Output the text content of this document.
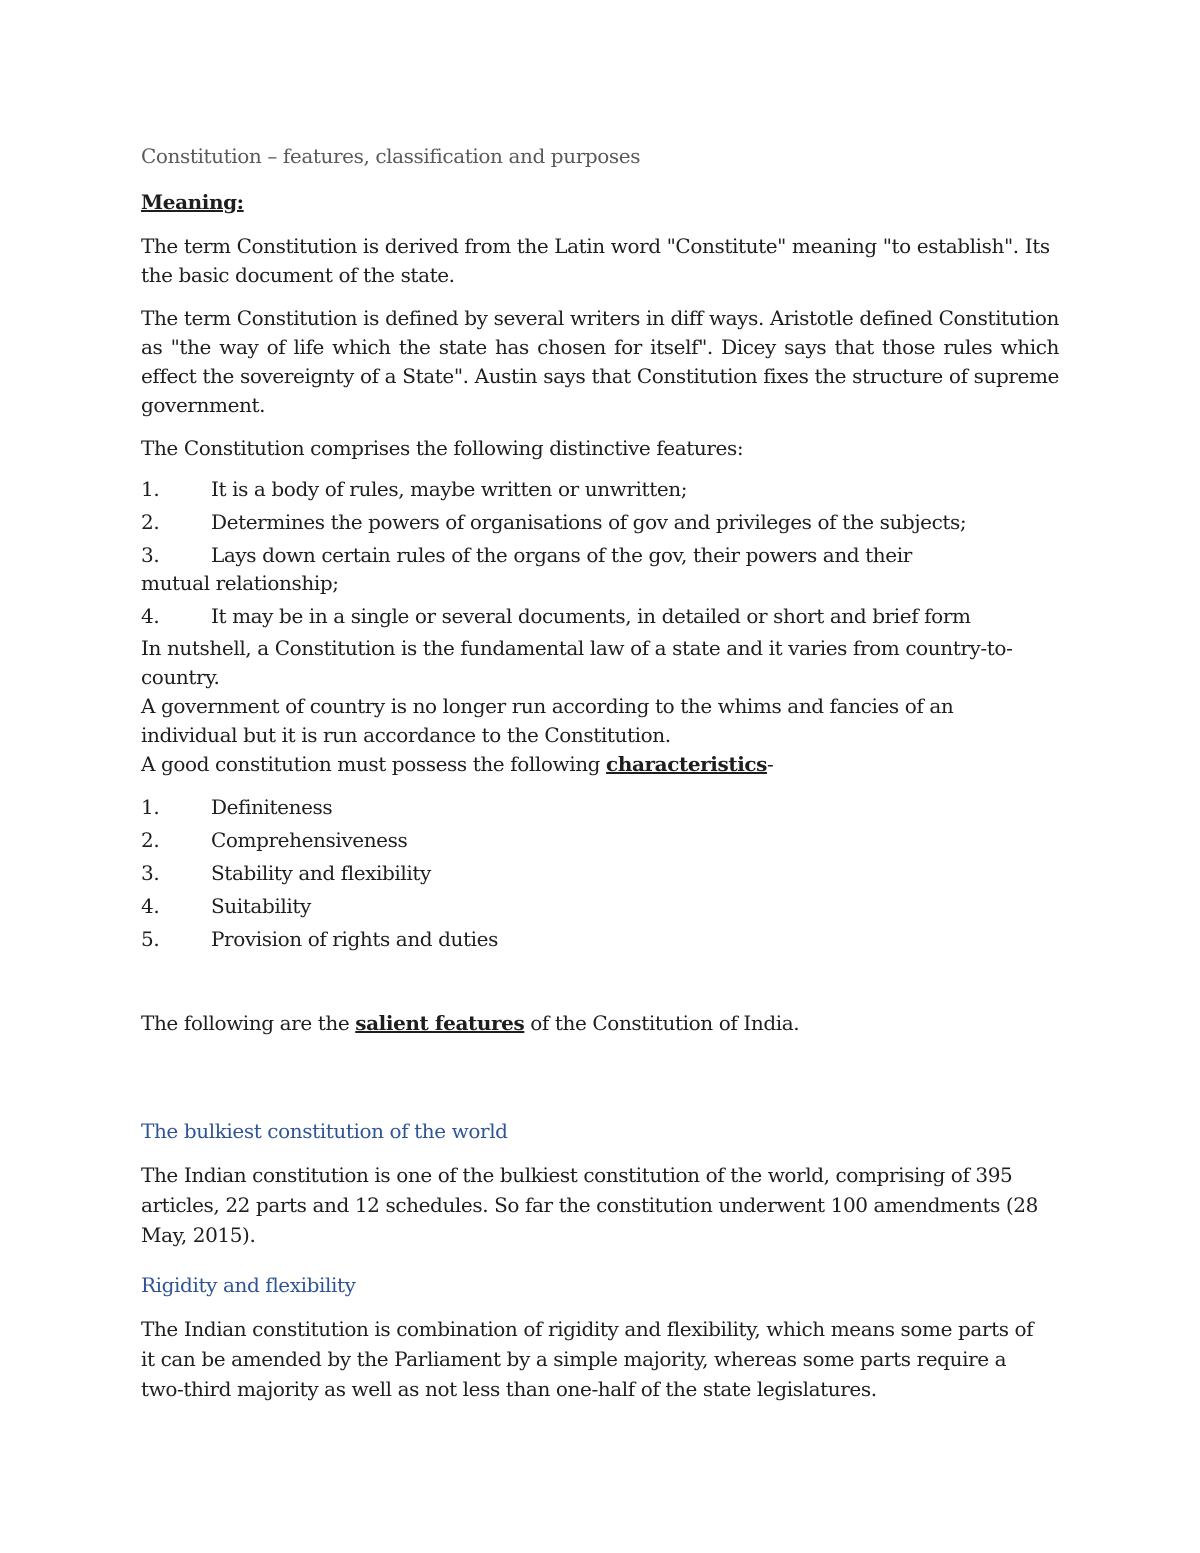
Constitution – features, classification and purposes
Meaning:

The term Constitution is derived from the Latin word "Constitute" meaning "to establish". Its the basic document of the state.

The term Constitution is defined by several writers in diff ways. Aristotle defined Constitution as "the way of life which the state has chosen for itself". Dicey says that those rules which effect the sovereignty of a State". Austin says that Constitution fixes the structure of supreme government.

The Constitution comprises the following distinctive features:

1.	It is a body of rules, maybe written or unwritten;
2.	Determines the powers of organisations of gov and privileges of the subjects;
3.	Lays down certain rules of the organs of the gov, their powers and their mutual relationship;
4.	It may be in a single or several documents, in detailed or short and brief form

In nutshell, a Constitution is the fundamental law of a state and it varies from country-to-country.

A government of country is no longer run according to the whims and fancies of an individual but it is run accordance to the Constitution.

A good constitution must possess the following characteristics-

1.	Definiteness
2.	Comprehensiveness
3.	Stability and flexibility
4.	Suitability
5.	Provision of rights and duties

The following are the salient features of the Constitution of India.

The bulkiest constitution of the world

The Indian constitution is one of the bulkiest constitution of the world, comprising of 395 articles, 22 parts and 12 schedules. So far the constitution underwent 100 amendments (28 May, 2015).

Rigidity and flexibility

The Indian constitution is combination of rigidity and flexibility, which means some parts of it can be amended by the Parliament by a simple majority, whereas some parts require a two-third majority as well as not less than one-half of the state legislatures.
